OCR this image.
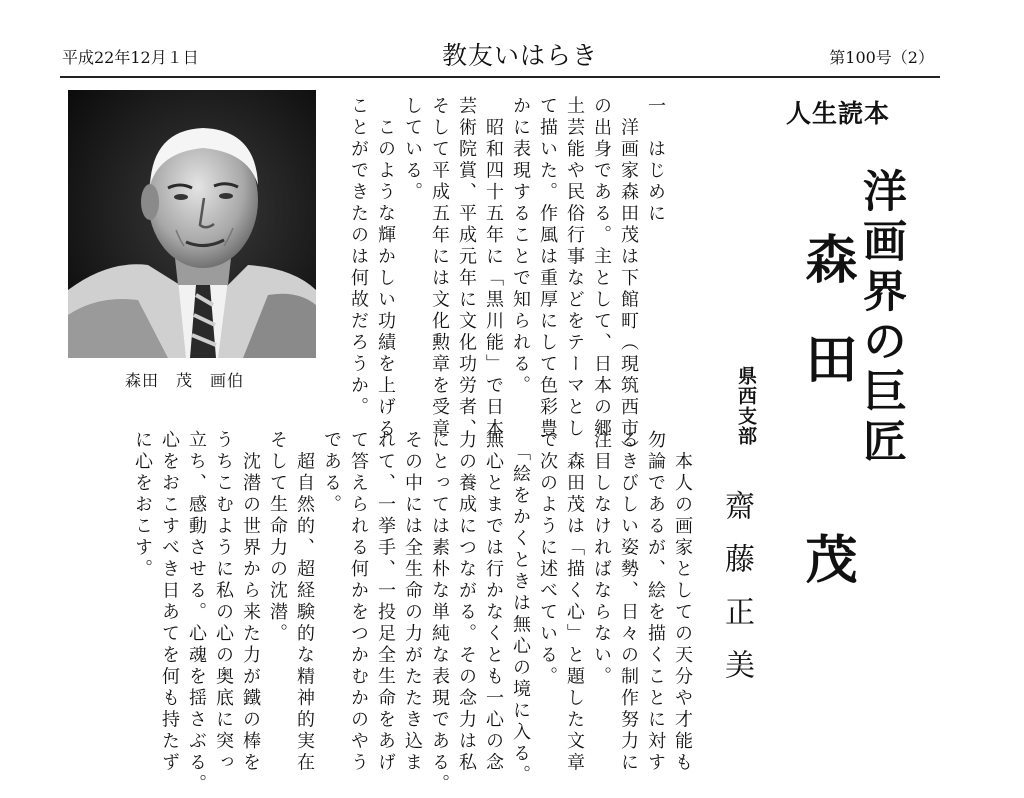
平成22年12月１日	教友いはらき	第100号（2）
森田　茂　画伯
一　はじめに
　洋画家森田茂は下館町（現筑西市）
の出身である。主として、日本の郷
土芸能や民俗行事などをテーマとし
て描いた。作風は重厚にして色彩豊
かに表現することで知られる。
　昭和四十五年に「黒川能」で日本
芸術院賞、平成元年に文化功労者、
そして平成五年には文化勲章を受章
している。
　このような輝かしい功績を上げる
ことができたのは何故だろうか。
　本人の画家としての天分や才能も
勿論であるが、絵を描くことに対す
るきびしい姿勢、日々の制作努力に
注目しなければならない。
　森田茂は「描く心」と題した文章
で次のように述べている。
　「絵をかくときは無心の境に入る。
無心とまでは行かなくとも一心の念
力の養成につながる。その念力は私
にとっては素朴な単純な表現である。
その中には全生命の力がたたき込ま
れて、一挙手、一投足全生命をあげ
て答えられる何かをつかむかのやう
である。
　超自然的、超経験的な精神的実在
そして生命力の沈潜。
　沈潜の世界から来た力が鐵の棒を
うちこむように私の心の奥底に突っ
立ち、感動させる。心魂を揺さぶる。
心をおこすべき日あてを何も持たず
に心をおこす。
人生読本
洋画界の巨匠
森田　茂
県西支部
齋藤正美
